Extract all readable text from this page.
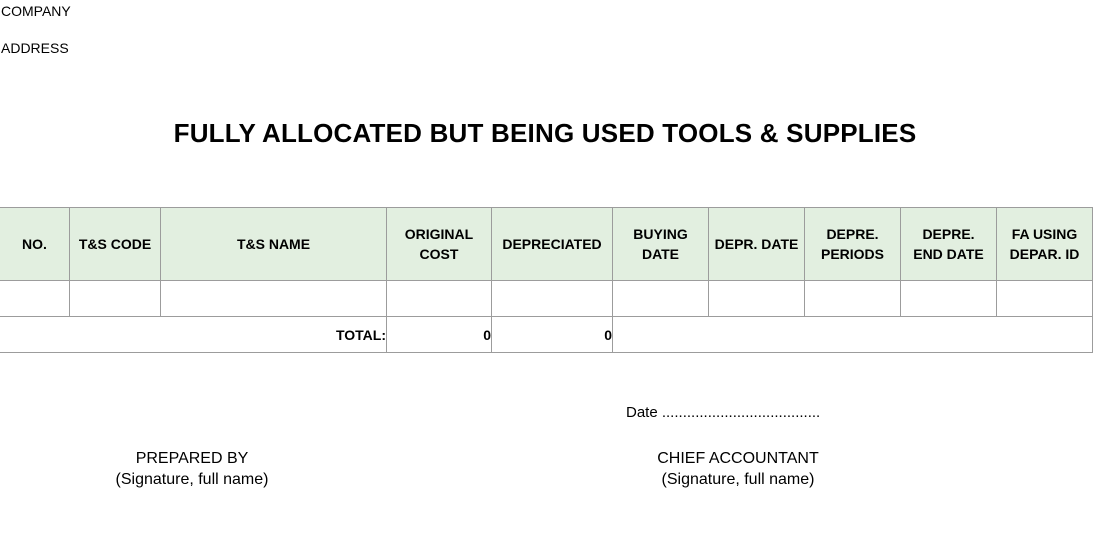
COMPANY
ADDRESS
FULLY ALLOCATED BUT BEING USED TOOLS & SUPPLIES
NO.	T&S CODE	T&S NAME	ORIGINAL COST	DEPRECIATED	BUYING DATE	DEPR. DATE	DEPRE. PERIODS	DEPRE. END DATE	FA USING DEPAR. ID

TOTAL:			0	0					
Date ......................................
PREPARED BY
(Signature, full name)
CHIEF ACCOUNTANT
(Signature, full name)
